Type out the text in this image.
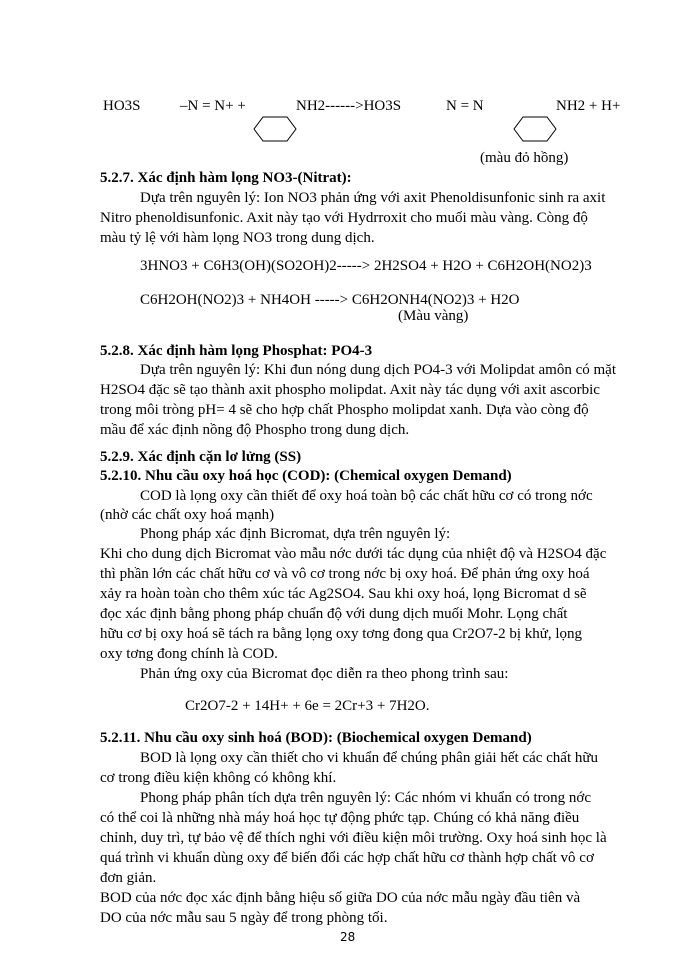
HO3S	–N = N+ +	NH2------>HO3S	N = N	NH2 + H+
(màu đỏ hồng)
5.2.7. Xác định hàm lọng NO3-(Nitrat):
Dựa trên nguyên lý: Ion NO3 phản ứng với axit Phenoldisunfonic sinh ra axit
Nitro phenoldisunfonic. Axit này tạo với Hydrroxit cho muối màu vàng. Còng độ
màu tỷ lệ với hàm lọng NO3 trong dung dịch.
3HNO3 + C6H3(OH)(SO2OH)2-----> 2H2SO4 + H2O + C6H2OH(NO2)3
C6H2OH(NO2)3 + NH4OH -----> C6H2ONH4(NO2)3 + H2O
(Màu vàng)
5.2.8. Xác định hàm lọng Phosphat: PO4-3
Dựa trên nguyên lý: Khi đun nóng dung dịch PO4-3 với Molipdat amôn có mặt
H2SO4 đặc sẽ tạo thành axit phospho molipdat. Axit này tác dụng với axit ascorbic
trong môi tròng pH= 4 sẽ cho hợp chất Phospho molipdat xanh. Dựa vào còng độ
mầu để xác định nồng độ Phospho trong dung dịch.
5.2.9. Xác định cặn lơ lửng (SS)
5.2.10. Nhu cầu oxy hoá học (COD): (Chemical oxygen Demand)
COD là lọng oxy cần thiết để oxy hoá toàn bộ các chất hữu cơ có trong nớc
(nhờ các chất oxy hoá mạnh)
Phong pháp xác định Bicromat, dựa trên nguyên lý:
Khi cho dung dịch Bicromat vào mẫu nớc dưới tác dụng của nhiệt độ và H2SO4 đặc
thì phần lớn các chất hữu cơ và vô cơ trong nớc bị oxy hoá. Để phản ứng oxy hoá
xảy ra hoàn toàn cho thêm xúc tác Ag2SO4. Sau khi oxy hoá, lọng Bicromat d sẽ
đọc xác định bằng phong pháp chuẩn độ với dung dịch muối Mohr. Lọng chất
hữu cơ bị oxy hoá sẽ tách ra bằng lọng oxy tơng đong qua Cr2O7-2 bị khử, lọng
oxy tơng đong chính là COD.
Phản ứng oxy của Bicromat đọc diễn ra theo phong trình sau:
Cr2O7-2 + 14H+ + 6e = 2Cr+3 + 7H2O.
5.2.11. Nhu cầu oxy sinh hoá (BOD): (Biochemical oxygen Demand)
BOD là lọng oxy cần thiết cho vi khuẩn để chúng phân giải hết các chất hữu
cơ trong điều kiện không có không khí.
Phong pháp phân tích dựa trên nguyên lý: Các nhóm vi khuẩn có trong nớc
có thể coi là những nhà máy hoá học tự động phức tạp. Chúng có khả năng điều
chỉnh, duy trì, tự bảo vệ để thích nghi với điều kiện môi trường. Oxy hoá sinh học là
quá trình vi khuẩn dùng oxy để biến đổi các hợp chất hữu cơ thành hợp chất vô cơ
đơn giản.
BOD của nớc đọc xác định bằng hiệu số giữa DO của nớc mẫu ngày đầu tiên và
DO của nớc mẫu sau 5 ngày để trong phòng tối.
28
